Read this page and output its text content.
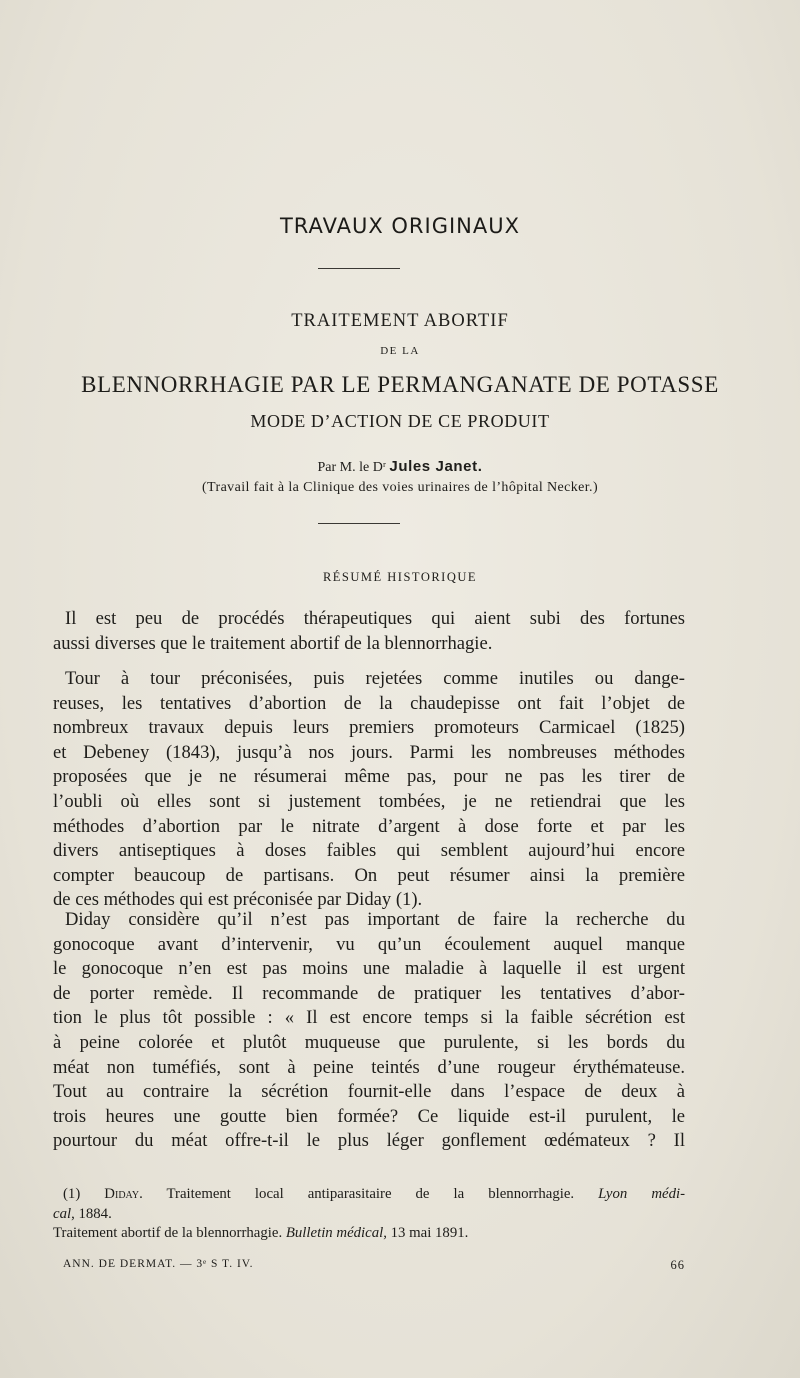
TRAVAUX ORIGINAUX
TRAITEMENT ABORTIF
DE LA
BLENNORRHAGIE PAR LE PERMANGANATE DE POTASSE
MODE D’ACTION DE CE PRODUIT
Par M. le Dʳ Jules Janet.
(Travail fait à la Clinique des voies urinaires de l’hôpital Necker.)
RÉSUMÉ HISTORIQUE
Il est peu de procédés thérapeutiques qui aient subi des fortunes
aussi diverses que le traitement abortif de la blennorrhagie.
Tour à tour préconisées, puis rejetées comme inutiles ou dange-
reuses, les tentatives d’abortion de la chaudepisse ont fait l’objet de
nombreux travaux depuis leurs premiers promoteurs Carmicael (1825)
et Debeney (1843), jusqu’à nos jours. Parmi les nombreuses méthodes
proposées que je ne résumerai même pas, pour ne pas les tirer de
l’oubli où elles sont si justement tombées, je ne retiendrai que les
méthodes d’abortion par le nitrate d’argent à dose forte et par les
divers antiseptiques à doses faibles qui semblent aujourd’hui encore
compter beaucoup de partisans. On peut résumer ainsi la première
de ces méthodes qui est préconisée par Diday (1).
Diday considère qu’il n’est pas important de faire la recherche du
gonocoque avant d’intervenir, vu qu’un écoulement auquel manque
le gonocoque n’en est pas moins une maladie à laquelle il est urgent
de porter remède. Il recommande de pratiquer les tentatives d’abor-
tion le plus tôt possible : « Il est encore temps si la faible sécrétion est
à peine colorée et plutôt muqueuse que purulente, si les bords du
méat non tuméfiés, sont à peine teintés d’une rougeur érythémateuse.
Tout au contraire la sécrétion fournit-elle dans l’espace de deux à
trois heures une goutte bien formée? Ce liquide est-il purulent, le
pourtour du méat offre-t-il le plus léger gonflement œdémateux ? Il
(1) Diday. Traitement local antiparasitaire de la blennorrhagie. Lyon médi-
cal, 1884.
Traitement abortif de la blennorrhagie. Bulletin médical, 13 mai 1891.
ANN. DE DERMAT. — 3ᵉ S T. IV.	66
